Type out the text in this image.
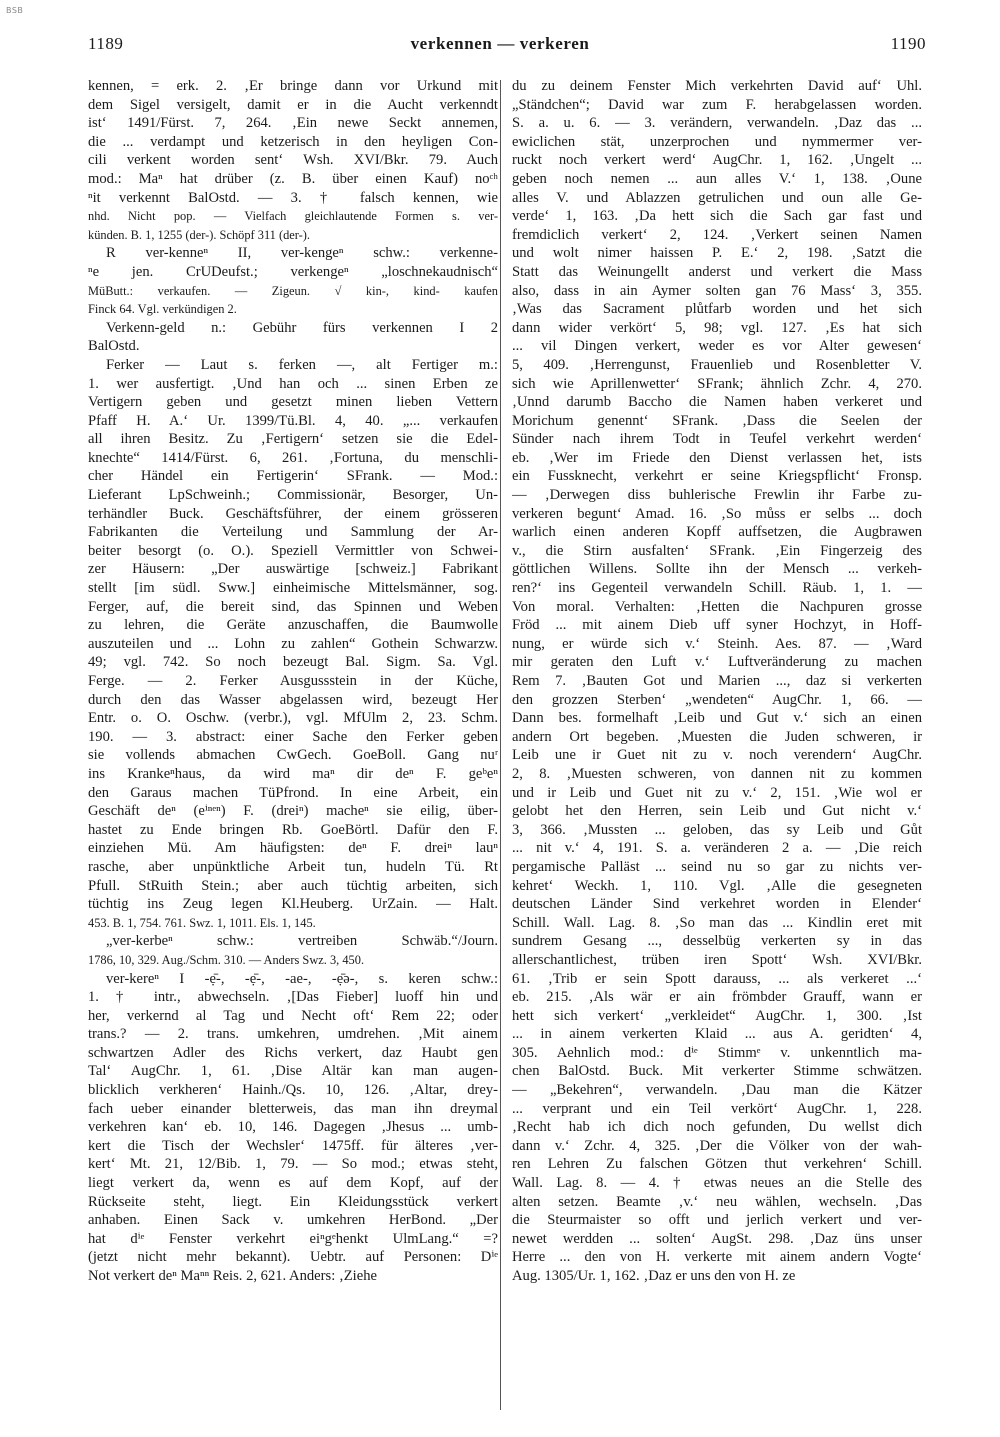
BSB
1189	verkennen — verkeren	1190
kennen, = erk. 2. ‚Er bringe dann vor Urkund mit
dem Sigel versigelt, damit er in die Aucht verkenndt
ist‘ 1491/Fürst. 7, 264. ‚Ein newe Seckt annemen,
die ... verdampt und ketzerisch in den heyligen Con-
cili verkent worden sent‘ Wsh. XVI/Bkr. 79. Auch
mod.: Maⁿ hat drüber (z. B. über einen Kauf) noᶜʰ
ⁿit verkennt BalOstd. — 3. † falsch kennen, wie
nhd. Nicht pop. — Vielfach gleichlautende Formen s. ver-
künden. B. 1, 1255 (der-). Schöpf 311 (der-).
R ver-kenneⁿ II, ver-kengeⁿ schw.: verkenne-
ⁿe jen. CrUDeufst.; verkengeⁿ „loschnekaudnisch“
MüButt.: verkaufen. — Zigeun. √ kin-, kind- kaufen
Finck 64. Vgl. verkündigen 2.
Verkenn-geld n.: Gebühr fürs verkennen I 2
BalOstd.
Ferker — Laut s. ferken —, alt Fertiger m.:
1. wer ausfertigt. ‚Und han och ... sinen Erben ze
Vertigern geben und gesetzt minen lieben Vettern
Pfaff H. A.‘ Ur. 1399/Tü.Bl. 4, 40. „... verkaufen
all ihren Besitz. Zu ‚Fertigern‘ setzen sie die Edel-
knechte“ 1414/Fürst. 6, 261. ‚Fortuna, du menschli-
cher Händel ein Fertigerin‘ SFrank. — Mod.:
Lieferant LpSchweinh.; Commissionär, Besorger, Un-
terhändler Buck. Geschäftsführer, der einem grösseren
Fabrikanten die Verteilung und Sammlung der Ar-
beiter besorgt (o. O.). Speziell Vermittler von Schwei-
zer Häusern: „Der auswärtige [schweiz.] Fabrikant
stellt [im südl. Sww.] einheimische Mittelsmänner, sog.
Ferger, auf, die bereit sind, das Spinnen und Weben
zu lehren, die Geräte anzuschaffen, die Baumwolle
auszuteilen und ... Lohn zu zahlen“ Gothein Schwarzw.
49; vgl. 742. So noch bezeugt Bal. Sigm. Sa. Vgl.
Ferge. — 2. Ferker Ausgussstein in der Küche,
durch den das Wasser abgelassen wird, bezeugt Her
Entr. o. O. Oschw. (verbr.), vgl. MfUlm 2, 23. Schm.
190. — 3. abstract: einer Sache den Ferker geben
sie vollends abmachen CwGech. GoeBoll. Gang nuʳ
ins Krankeⁿhaus, da wird maⁿ dir deⁿ F. geᵇeⁿ
den Garaus machen TüPfrond. In eine Arbeit, ein
Geschäft deⁿ (eⁱⁿᵉⁿ) F. (dreiⁿ) macheⁿ sie eilig, über-
hastet zu Ende bringen Rb. GoeBörtl. Dafür den F.
einziehen Mü. Am häufigsten: deⁿ F. dreiⁿ lauⁿ
rasche, aber unpünktliche Arbeit tun, hudeln Tü. Rt
Pfull. StRuith Stein.; aber auch tüchtig arbeiten, sich
tüchtig ins Zeug legen Kl.Heuberg. UrZain. — Halt.
453. B. 1, 754. 761. Swz. 1, 1011. Els. 1, 145.
„ver-kerbeⁿ schw.: vertreiben Schwäb.“/Journ.
1786, 10, 329. Aug./Schm. 310. — Anders Swz. 3, 450.
ver-kereⁿ I -ẹ̄-, -ẹ̄-, -ae-, -ẹ̄ə-, s. keren schw.:
1. † intr., abwechseln. ‚[Das Fieber] luoff hin und
her, verkernd al Tag und Necht oft‘ Rem 22; oder
trans.? — 2. trans. umkehren, umdrehen. ‚Mit ainem
schwartzen Adler des Richs verkert, daz Haubt gen
Tal‘ AugChr. 1, 61. ‚Dise Altär kan man augen-
blicklich verkheren‘ Hainh./Qs. 10, 126. ‚Altar, drey-
fach ueber einander bletterweis, das man ihn dreymal
verkehren kan‘ eb. 10, 146. Dagegen ‚Jhesus ... umb-
kert die Tisch der Wechsler‘ 1475ff. für älteres ‚ver-
kert‘ Mt. 21, 12/Bib. 1, 79. — So mod.; etwas steht,
liegt verkert da, wenn es auf dem Kopf, auf der
Rückseite steht, liegt. Ein Kleidungsstück verkert
anhaben. Einen Sack v. umkehren HerBond. „Der
hat dⁱᵉ Fenster verkehrt eiⁿgᵉhenkt UlmLang.“ =?
(jetzt nicht mehr bekannt). Uebtr. auf Personen: Dⁱᵉ
Not verkert deⁿ Maⁿⁿ Reis. 2, 621. Anders: ‚Ziehe
du zu deinem Fenster Mich verkehrten David auf‘ Uhl.
„Ständchen“; David war zum F. herabgelassen worden.
S. a. u. 6. — 3. verändern, verwandeln. ‚Daz das ...
ewiclichen stät, unzerprochen und nymmermer ver-
ruckt noch verkert werd‘ AugChr. 1, 162. ‚Ungelt ...
geben noch nemen ... aun alles V.‘ 1, 138. ‚Oune
alles V. und Ablazzen getrulichen und oun alle Ge-
verde‘ 1, 163. ‚Da hett sich die Sach gar fast und
fremdiclich verkert‘ 2, 124. ‚Verkert seinen Namen
und wolt nimer haissen P. E.‘ 2, 198. ‚Satzt die
Statt das Weinungellt anderst und verkert die Mass
also, dass in ain Aymer solten gan 76 Mass‘ 3, 355.
‚Was das Sacrament plůtfarb worden und het sich
dann wider verkört‘ 5, 98; vgl. 127. ‚Es hat sich
... vil Dingen verkert, weder es vor Alter gewesen‘
5, 409. ‚Herrengunst, Frauenlieb und Rosenbletter V.
sich wie Aprillenwetter‘ SFrank; ähnlich Zchr. 4, 270.
‚Unnd darumb Baccho die Namen haben verkeret und
Morichum genennt‘ SFrank. ‚Dass die Seelen der
Sünder nach ihrem Todt in Teufel verkehrt werden‘
eb. ‚Wer im Friede den Dienst verlassen het, ists
ein Fussknecht, verkehrt er seine Kriegspflicht‘ Fronsp.
— ‚Derwegen diss buhlerische Frewlin ihr Farbe zu-
verkeren begunt‘ Amad. 16. ‚So můss er selbs ... doch
warlich einen anderen Kopff auffsetzen, die Augbrawen
v., die Stirn ausfalten‘ SFrank. ‚Ein Fingerzeig des
göttlichen Willens. Sollte ihn der Mensch ... verkeh-
ren?‘ ins Gegenteil verwandeln Schill. Räub. 1, 1. —
Von moral. Verhalten: ‚Hetten die Nachpuren grosse
Fröd ... mit ainem Dieb uff syner Hochzyt, in Hoff-
nung, er würde sich v.‘ Steinh. Aes. 87. — ‚Ward
mir geraten den Luft v.‘ Luftveränderung zu machen
Rem 7. ‚Bauten Got und Marien ..., daz si verkerten
den grozzen Sterben‘ „wendeten“ AugChr. 1, 66. —
Dann bes. formelhaft ‚Leib und Gut v.‘ sich an einen
andern Ort begeben. ‚Muesten die Juden schweren, ir
Leib une ir Guet nit zu v. noch verendern‘ AugChr.
2, 8. ‚Muesten schweren, von dannen nit zu kommen
und ir Leib und Guet nit zu v.‘ 2, 151. ‚Wie wol er
gelobt het den Herren, sein Leib und Gut nicht v.‘
3, 366. ‚Mussten ... geloben, das sy Leib und Gůt
... nit v.‘ 4, 191. S. a. veränderen 2 a. — ‚Die reich
pergamische Palläst ... seind nu so gar zu nichts ver-
kehret‘ Weckh. 1, 110. Vgl. ‚Alle die gesegneten
deutschen Länder Sind verkehret worden in Elender‘
Schill. Wall. Lag. 8. ‚So man das ... Kindlin eret mit
sundrem Gesang ..., desselbüg verkerten sy in das
allerschantlichest, trüben iren Spott‘ Wsh. XVI/Bkr.
61. ‚Trib er sein Spott darauss, ... als verkeret ...‘
eb. 215. ‚Als wär er ain frömbder Grauff, wann er
hett sich verkert‘ „verkleidet“ AugChr. 1, 300. ‚Ist
... in ainem verkerten Klaid ... aus A. geridten‘ 4,
305. Aehnlich mod.: dⁱᵉ Stimmᵉ v. unkenntlich ma-
chen BalOstd. Buck. Mit verkerter Stimme schwätzen.
— „Bekehren“, verwandeln. ‚Dau man die Kätzer
... verprant und ein Teil verkört‘ AugChr. 1, 228.
‚Recht hab ich dich noch gefunden, Du wellst dich
dann v.‘ Zchr. 4, 325. ‚Der die Völker von der wah-
ren Lehren Zu falschen Götzen thut verkehren‘ Schill.
Wall. Lag. 8. — 4. † etwas neues an die Stelle des
alten setzen. Beamte ‚v.‘ neu wählen, wechseln. ‚Das
die Steurmaister so offt und jerlich verkert und ver-
newet werdden ... solten‘ AugSt. 298. ‚Daz üns unser
Herre ... den von H. verkerte mit ainem andern Vogte‘
Aug. 1305/Ur. 1, 162. ‚Daz er uns den von H. ze
